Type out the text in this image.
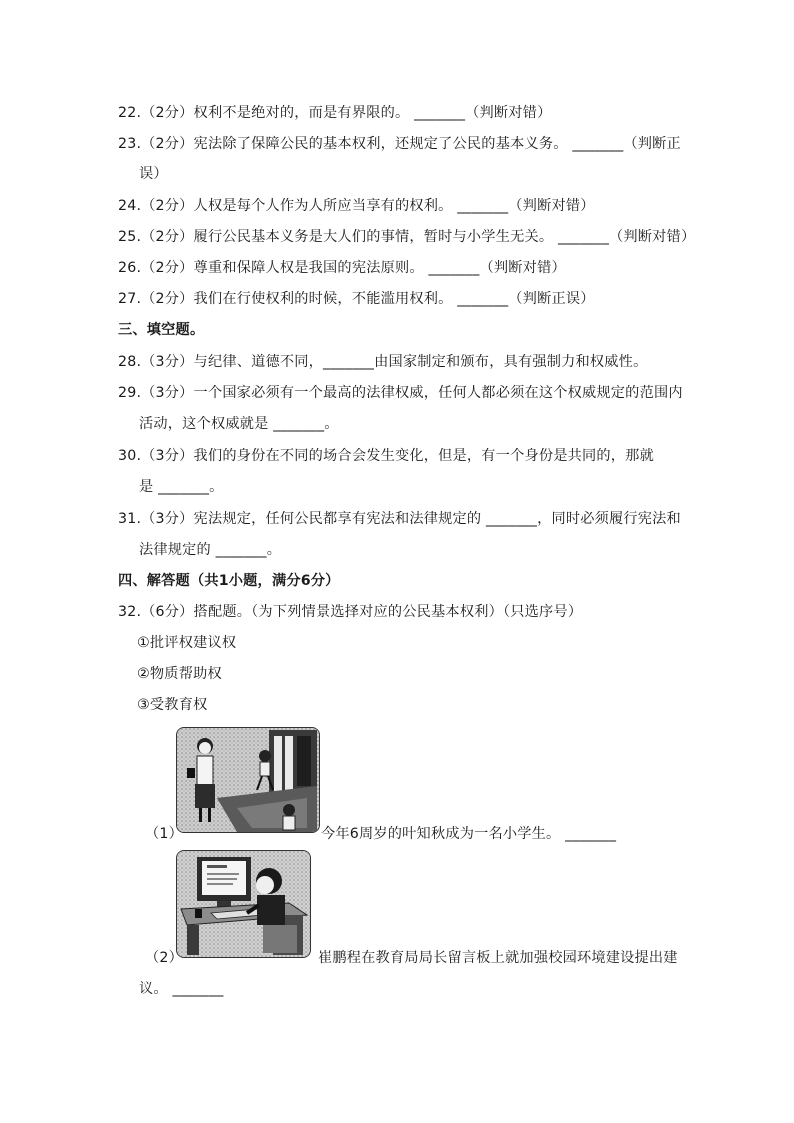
22.（2分）权利不是绝对的，而是有界限的。 _______（判断对错）
23.（2分）宪法除了保障公民的基本权利，还规定了公民的基本义务。 _______（判断正
误）
24.（2分）人权是每个人作为人所应当享有的权利。 _______（判断对错）
25.（2分）履行公民基本义务是大人们的事情，暂时与小学生无关。 _______（判断对错）
26.（2分）尊重和保障人权是我国的宪法原则。 _______（判断对错）
27.（2分）我们在行使权利的时候，不能滥用权利。 _______（判断正误）
三、填空题。
28.（3分）与纪律、道德不同，_______由国家制定和颁布，具有强制力和权威性。
29.（3分）一个国家必须有一个最高的法律权威，任何人都必须在这个权威规定的范围内
活动，这个权威就是 _______。
30.（3分）我们的身份在不同的场合会发生变化，但是，有一个身份是共同的，那就
是 _______。
31.（3分）宪法规定，任何公民都享有宪法和法律规定的 _______，同时必须履行宪法和
法律规定的 _______。
四、解答题（共1小题，满分6分）
32.（6分）搭配题。（为下列情景选择对应的公民基本权利）（只选序号）
①批评权建议权
②物质帮助权
③受教育权
（1）	今年6周岁的叶知秋成为一名小学生。 _______
（2）	崔鹏程在教育局局长留言板上就加强校园环境建设提出建
议。 _______
